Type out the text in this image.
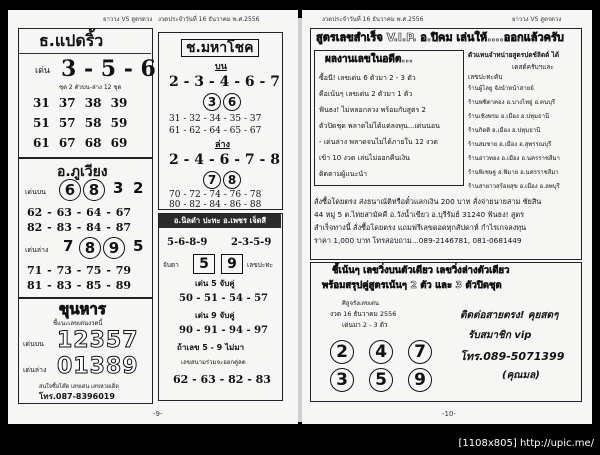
ยาววง VS สูตรดวง งวดประจำวันที่ 16 ธันวาคม พ.ศ.2556
ธ.แปดริ้ว
เด่น 3 - 5 - 6
ชุด 2 ตัวบน-ล่าง 12 ชุด
31 37 38 39
51 57 58 59
61 67 68 69
อ.ภูเวียง
เด่นบน	6 8 3 2
62 - 63 - 64 - 67
82 - 83 - 84 - 87
เด่นล่าง 7 8 9 5
71 - 73 - 75 - 79
81 - 83 - 85 - 89
ขุนหาร
ชี้แนะเลขเด่นงวดนี้
เด่นบน 12357
เด่นล่าง 01389
สนใจซื้อโค๊ด เลขเด่น เลขหวยเด็ด
โทร.087-8396019
ช.มหาโชค
บน
2 - 3 - 4 - 6 - 7
3 6
31 - 32 - 34 - 35 - 37
61 - 62 - 64 - 65 - 67
ล่าง
2 - 4 - 6 - 7 - 8
7 8
70 - 72 - 74 - 76 - 78
80 - 82 - 84 - 86 - 88
อ.นิลดำ ปะทะ อ.เพชร เจ็ดสี
5-6-8-9 2-3-5-9
จับตา	5	9	เลขปะทะ
เด่น 5 จับคู่
50 - 51 - 54 - 57
เด่น 9 จับคู่
90 - 91 - 94 - 97
ถ้าเลข 5 - 9 ไม่มา
เลขสนามร่วมจะออกคู่ลด
62 - 63 - 82 - 83
-9-
งวดประจำวันที่ 16 ธันวาคม พ.ศ.2556	ยาววง VS สูตรดวง
สูตรเลขสำเร็จ V.I.P. อ.ปิคม เล่นให้....ออกแล้วครับ
ผลงานเลขในอดีต...
ซื้อนี! เลขเด่น 6 ตัวมา 2 - 3 ตัว
คือเน้นๆ เลขเด่น 2 ตัวมา 1 ตัว
ฟันธง! ไม่หลอกลวง พร้อมกับสูตร 2
ตัวปิดชุด พลาดไม่ได้แต่ลงทุน...เด่นนอน
- เด่นล่าง พลาดจนไม่ได้ภายใน 12 งวด
เข้า 10 งวด เล่นไม่ออกคืนเงิน
ติดตามผู้แนะนำ
ตัวแทนจำหน่ายสูตรปตช์ลิตต์ ได้
เดสต์ครับฯและ
เลขปะทะคับ
ร้านผู้ไลยู จังนำหน้าสายย์
ร้านพชิตาคอง อ.บางไทยู่ อ.คนบุรี
ร้านเชิงพรม อ.เมือง อ.ปทุมธานี
ร้านกิตติ อ.เมือง อ.ปทุมธานี
ร้านสมชาย อ.เมือง อ.สุพรรณบุรี
ร้านอ่าวทอง อ.เมือง อ.นครราชสีมา
ร้านพิเชษฐ อ.พิมาย อ.นครราชสีมา
ร้านสายาวสร้อยสุข อ.เมือง อ.ลพบุรี
สั่งซื้อโดยตรง ส่งธนาณัติหรือตั๋วแลกเงิน 200 บาท สั่งจ่ายนายสาม ชัยสิน
44 หมู่ 5 ต.ไทยสามัคคี อ.วังน้ำเขียว อ.บุรีรัมย์ 31240 ฟันธง! สูตร
สำเร็จทางนี้ สั่งซื้อโดยตรง แถมฟรีเลขดอดทุกสัปดาห์ กำไรเกจลงทุน
ราคา 1,000 บาท โทรสอบถาม...089-2146781, 081-0681449
ชี้เน้นๆ เลขวิ่งบนตัวเดียว เลขวิ่งล่างตัวเดียว
พร้อมสรุปคู่สูตรเน้นๆ 2 ตัว และ 3 ตัวปิดชุด
ศิลูจรังเลขเด่น
งวด 16 ธันวาคม 2556
เด่นมา 2 - 3 ตัว
2	4	7
3	5	9
ติดต่อสายตรง! คุยสดๆ
รับสมาชิก vip
โทร.089-5071399
(คุณมล)
-10-
[1108x805] http://upic.me/
